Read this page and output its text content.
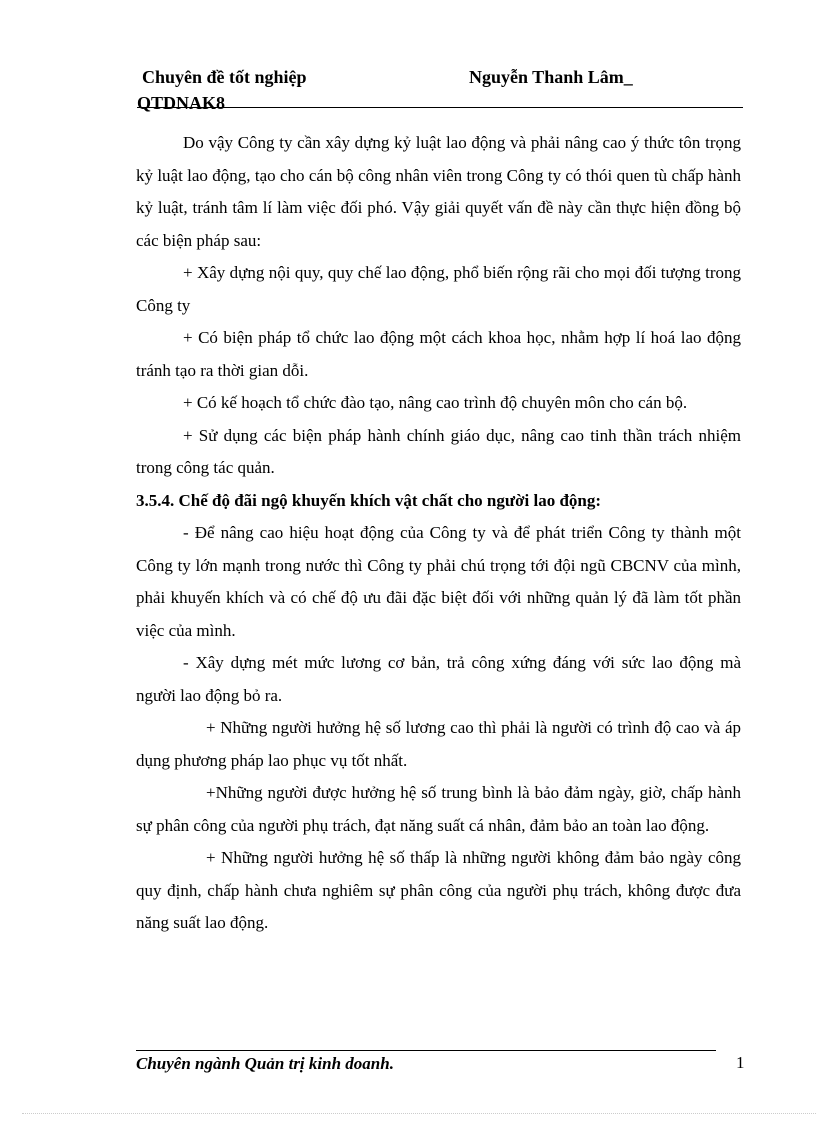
Chuyên đề tốt nghiệp	Nguyễn Thanh Lâm_
QTDNAK8

Do vậy Công ty cần xây dựng kỷ luật lao động và phải nâng cao ý thức tôn trọng kỷ luật lao động, tạo cho cán bộ công nhân viên trong Công ty có thói quen tù chấp hành kỷ luật, tránh tâm lí làm việc đối phó. Vậy giải quyết vấn đề này cần thực hiện đồng bộ các biện pháp sau:

+ Xây dựng nội quy, quy chế lao động, phổ biến rộng rãi cho mọi đối tượng trong Công ty

+ Có biện pháp tổ chức lao động một cách khoa học, nhằm hợp lí hoá lao động tránh tạo ra thời gian dỗi.

+ Có kế hoạch tổ chức đào tạo, nâng cao trình độ chuyên môn cho cán bộ.

+ Sử dụng các biện pháp hành chính giáo dục, nâng cao tinh thần trách nhiệm trong công tác quản.

3.5.4. Chế độ đãi ngộ khuyến khích vật chất cho người lao động:

- Để nâng cao hiệu hoạt động của Công ty và để phát triển Công ty thành một Công ty lớn mạnh trong nước thì Công ty phải chú trọng tới đội ngũ CBCNV của mình, phải khuyến khích và có chế độ ưu đãi đặc biệt đối với những quản lý đã làm tốt phần việc của mình.

- Xây dựng mét mức lương cơ bản, trả công xứng đáng với sức lao động mà người lao động bỏ ra.

+ Những người hưởng hệ số lương cao thì phải là người có trình độ cao và áp dụng phương pháp lao phục vụ tốt nhất.

+Những người được hưởng hệ số trung bình là bảo đảm ngày, giờ, chấp hành sự phân công của người phụ trách, đạt năng suất cá nhân, đảm bảo an toàn lao động.

+ Những người hưởng hệ số thấp là những người không đảm bảo ngày công quy định, chấp hành chưa nghiêm sự phân công của người phụ trách, không được đưa năng suất lao động.

Chuyên ngành Quản trị kinh doanh.	1
